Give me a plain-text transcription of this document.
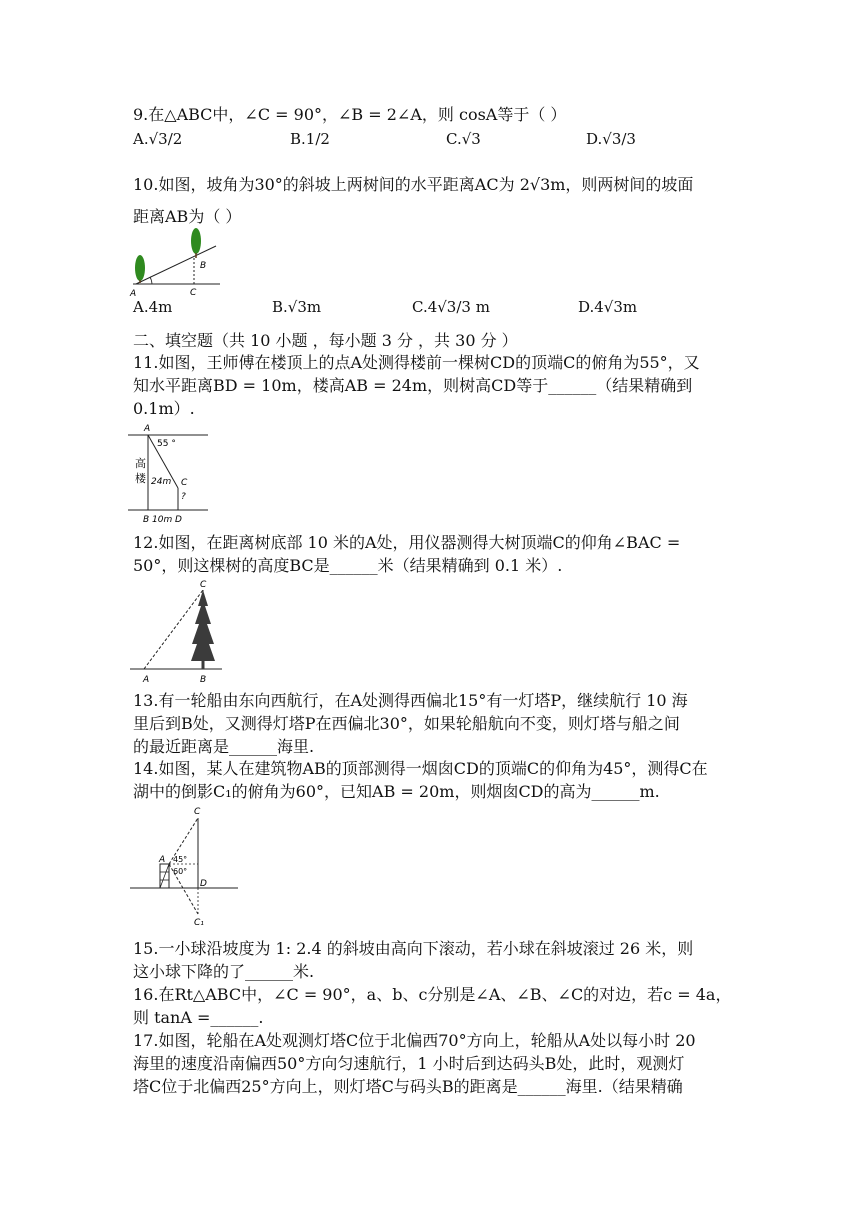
9.在△ABC中，∠C = 90°，∠B = 2∠A，则 cosA等于（ ）
A.√3/2	B.1/2	C.√3	D.√3/3
10.如图，坡角为30°的斜坡上两树间的水平距离AC为 2√3m，则两树间的坡面
距离AB为（ ）
A
B
C
A.4m	B.√3m	C.4√3/3 m	D.4√3m
二、填空题（共 10 小题 ，每小题 3 分 ，共 30 分 ）
11.如图，王师傅在楼顶上的点A处测得楼前一棵树CD的顶端C的俯角为55°，又
知水平距离BD = 10m，楼高AB = 24m，则树高CD等于______（结果精确到
0.1m）.
A
55 °
高
楼 24m C
?
B 10m D
12.如图，在距离树底部 10 米的A处，用仪器测得大树顶端C的仰角∠BAC =
50°，则这棵树的高度BC是______米（结果精确到 0.1 米）.
A	B
C
13.有一轮船由东向西航行，在A处测得西偏北15°有一灯塔P，继续航行 10 海
里后到B处，又测得灯塔P在西偏北30°，如果轮船航向不变，则灯塔与船之间
的最近距离是______海里.
14.如图，某人在建筑物AB的顶部测得一烟囱CD的顶端C的仰角为45°，测得C在
湖中的倒影C₁的俯角为60°，已知AB = 20m，则烟囱CD的高为______m.
C
A 45°
60°
D
C₁
15.一小球沿坡度为 1: 2.4 的斜坡由高向下滚动，若小球在斜坡滚过 26 米，则
这小球下降的了______米.
16.在Rt△ABC中，∠C = 90°，a、b、c分别是∠A、∠B、∠C的对边，若c = 4a，
则 tanA =______.
17.如图，轮船在A处观测灯塔C位于北偏西70°方向上，轮船从A处以每小时 20
海里的速度沿南偏西50°方向匀速航行，1 小时后到达码头B处，此时，观测灯
塔C位于北偏西25°方向上，则灯塔C与码头B的距离是______海里.（结果精确
